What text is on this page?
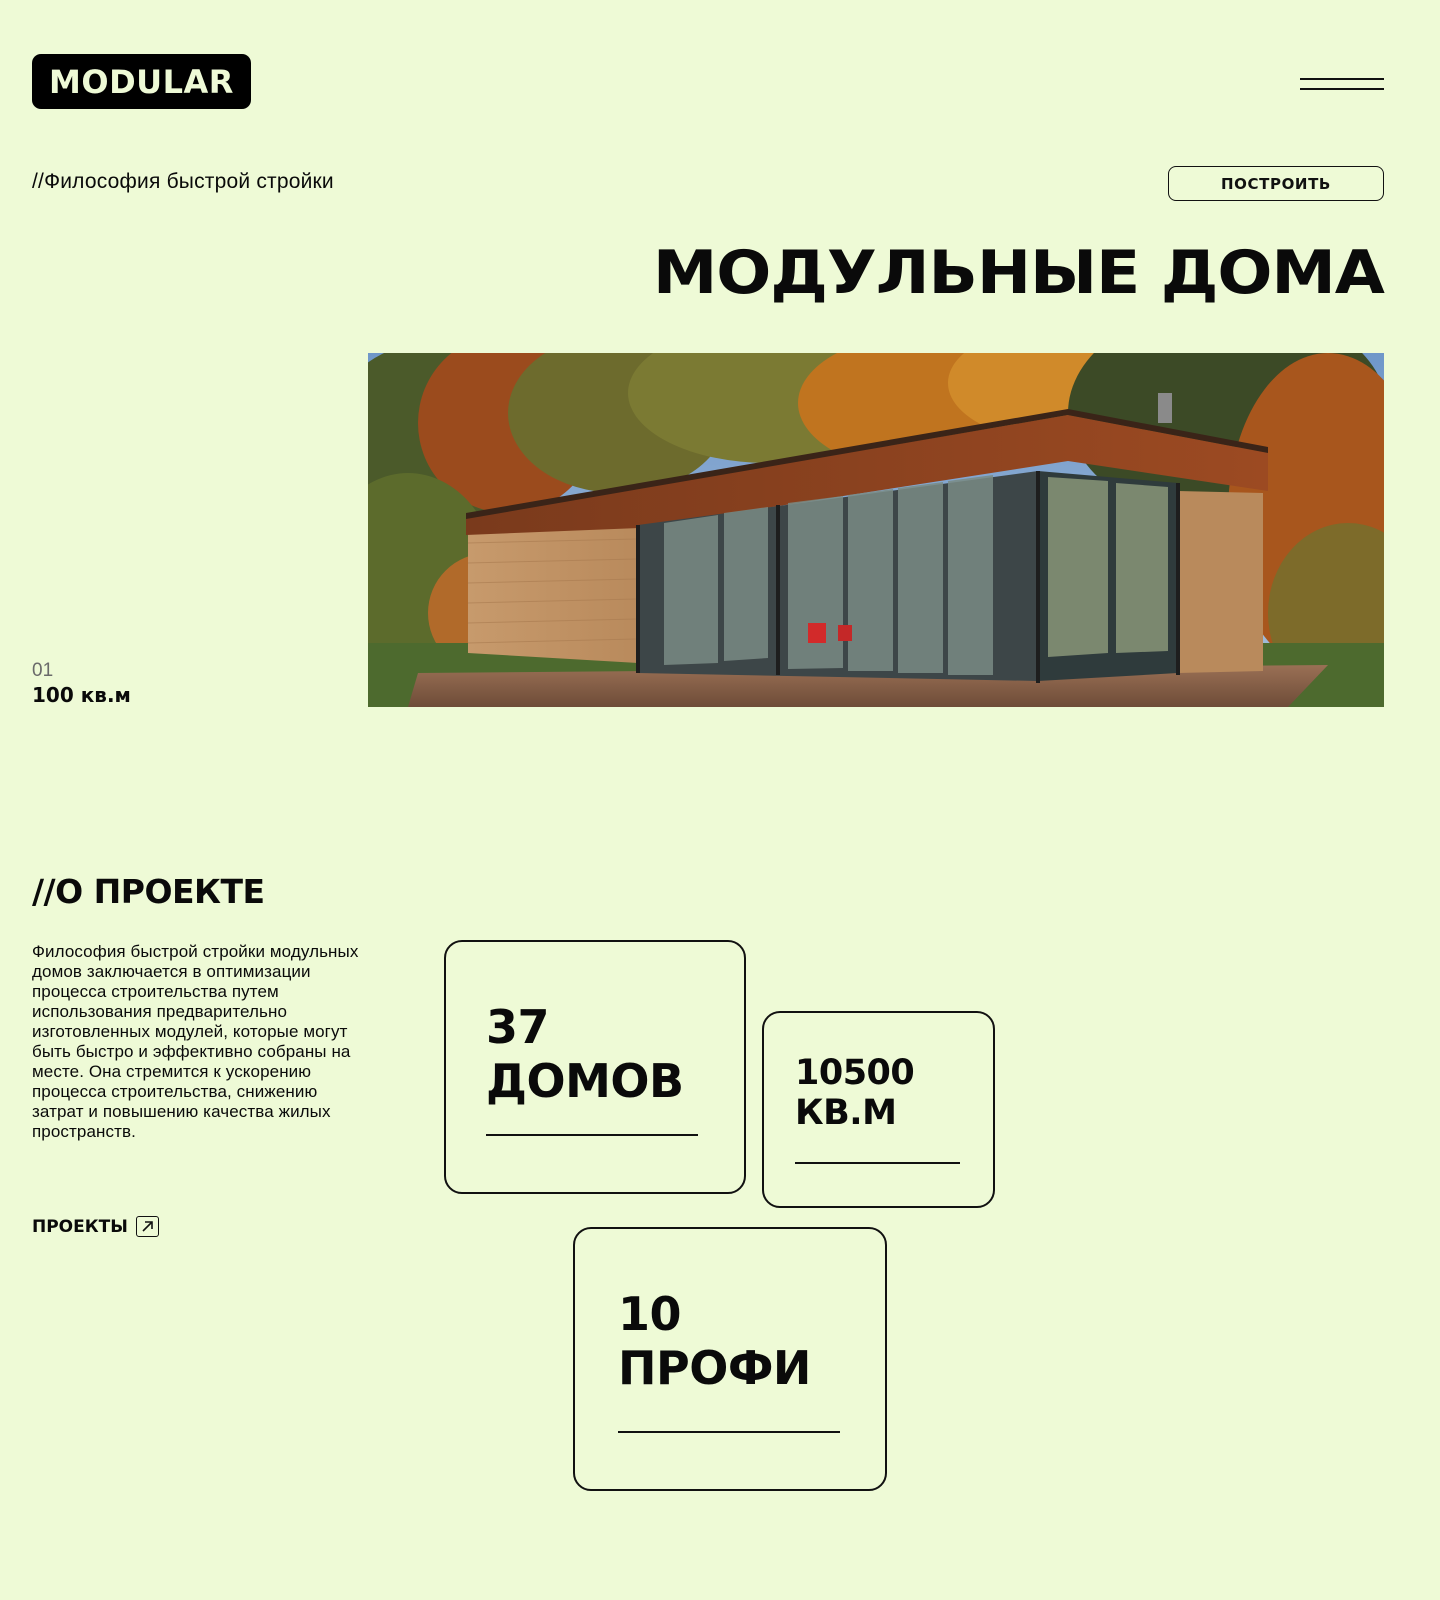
MODULAR
//Философия быстрой стройки	ПОСТРОИТЬ
МОДУЛЬНЫЕ ДОМА
01
100 кв.м
//О ПРОЕКТЕ

Философия быстрой стройки модульных домов заключается в оптимизации процесса строительства путем использования предварительно изготовленных модулей, которые могут быть быстро и эффективно собраны на месте. Она стремится к ускорению процесса строительства, снижению затрат и повышению качества жилых пространств.

ПРОЕКТЫ
37
ДОМОВ	10500
КВ.М
10
ПРОФИ
